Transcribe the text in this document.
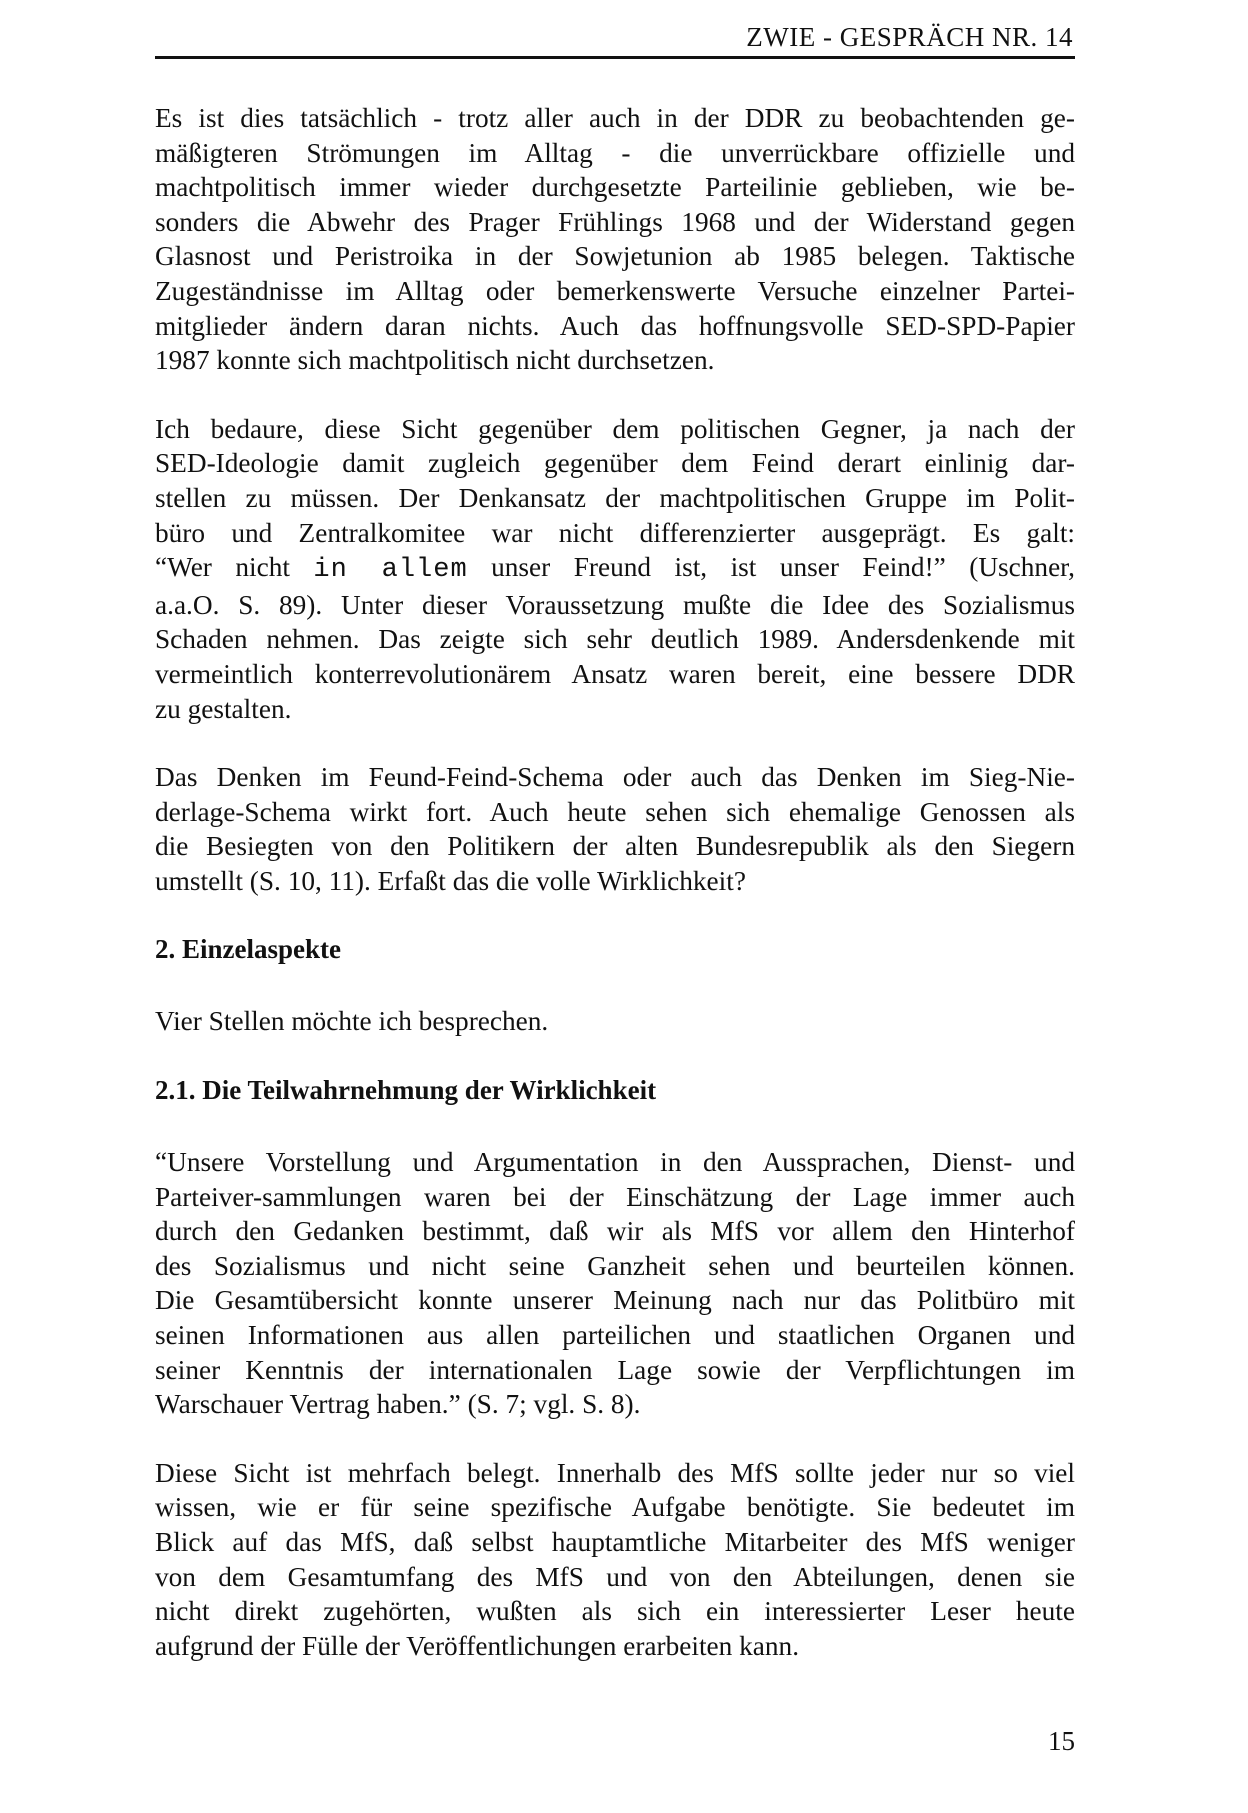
ZWIE - GESPRÄCH NR. 14

Es ist dies tatsächlich - trotz aller auch in der DDR zu beobachtenden ge-
mäßigteren Strömungen im Alltag - die unverrückbare offizielle und
machtpolitisch immer wieder durchgesetzte Parteilinie geblieben, wie be-
sonders die Abwehr des Prager Frühlings 1968 und der Widerstand gegen
Glasnost und Peristroika in der Sowjetunion ab 1985 belegen. Taktische
Zugeständnisse im Alltag oder bemerkenswerte Versuche einzelner Partei-
mitglieder ändern daran nichts. Auch das hoffnungsvolle SED-SPD-Papier
1987 konnte sich machtpolitisch nicht durchsetzen.

Ich bedaure, diese Sicht gegenüber dem politischen Gegner, ja nach der
SED-Ideologie damit zugleich gegenüber dem Feind derart einlinig dar-
stellen zu müssen. Der Denkansatz der machtpolitischen Gruppe im Polit-
büro und Zentralkomitee war nicht differenzierter ausgeprägt. Es galt:
“Wer nicht in allem unser Freund ist, ist unser Feind!” (Uschner,
a.a.O. S. 89). Unter dieser Voraussetzung mußte die Idee des Sozialismus
Schaden nehmen. Das zeigte sich sehr deutlich 1989. Andersdenkende mit
vermeintlich konterrevolutionärem Ansatz waren bereit, eine bessere DDR
zu gestalten.

Das Denken im Feund-Feind-Schema oder auch das Denken im Sieg-Nie-
derlage-Schema wirkt fort. Auch heute sehen sich ehemalige Genossen als
die Besiegten von den Politikern der alten Bundesrepublik als den Siegern
umstellt (S. 10, 11). Erfaßt das die volle Wirklichkeit?

2. Einzelaspekte

Vier Stellen möchte ich besprechen.

2.1. Die Teilwahrnehmung der Wirklichkeit

“Unsere Vorstellung und Argumentation in den Aussprachen, Dienst- und
Parteiver-sammlungen waren bei der Einschätzung der Lage immer auch
durch den Gedanken bestimmt, daß wir als MfS vor allem den Hinterhof
des Sozialismus und nicht seine Ganzheit sehen und beurteilen können.
Die Gesamtübersicht konnte unserer Meinung nach nur das Politbüro mit
seinen Informationen aus allen parteilichen und staatlichen Organen und
seiner Kenntnis der internationalen Lage sowie der Verpflichtungen im
Warschauer Vertrag haben.” (S. 7; vgl. S. 8).

Diese Sicht ist mehrfach belegt. Innerhalb des MfS sollte jeder nur so viel
wissen, wie er für seine spezifische Aufgabe benötigte. Sie bedeutet im
Blick auf das MfS, daß selbst hauptamtliche Mitarbeiter des MfS weniger
von dem Gesamtumfang des MfS und von den Abteilungen, denen sie
nicht direkt zugehörten, wußten als sich ein interessierter Leser heute
aufgrund der Fülle der Veröffentlichungen erarbeiten kann.

15
